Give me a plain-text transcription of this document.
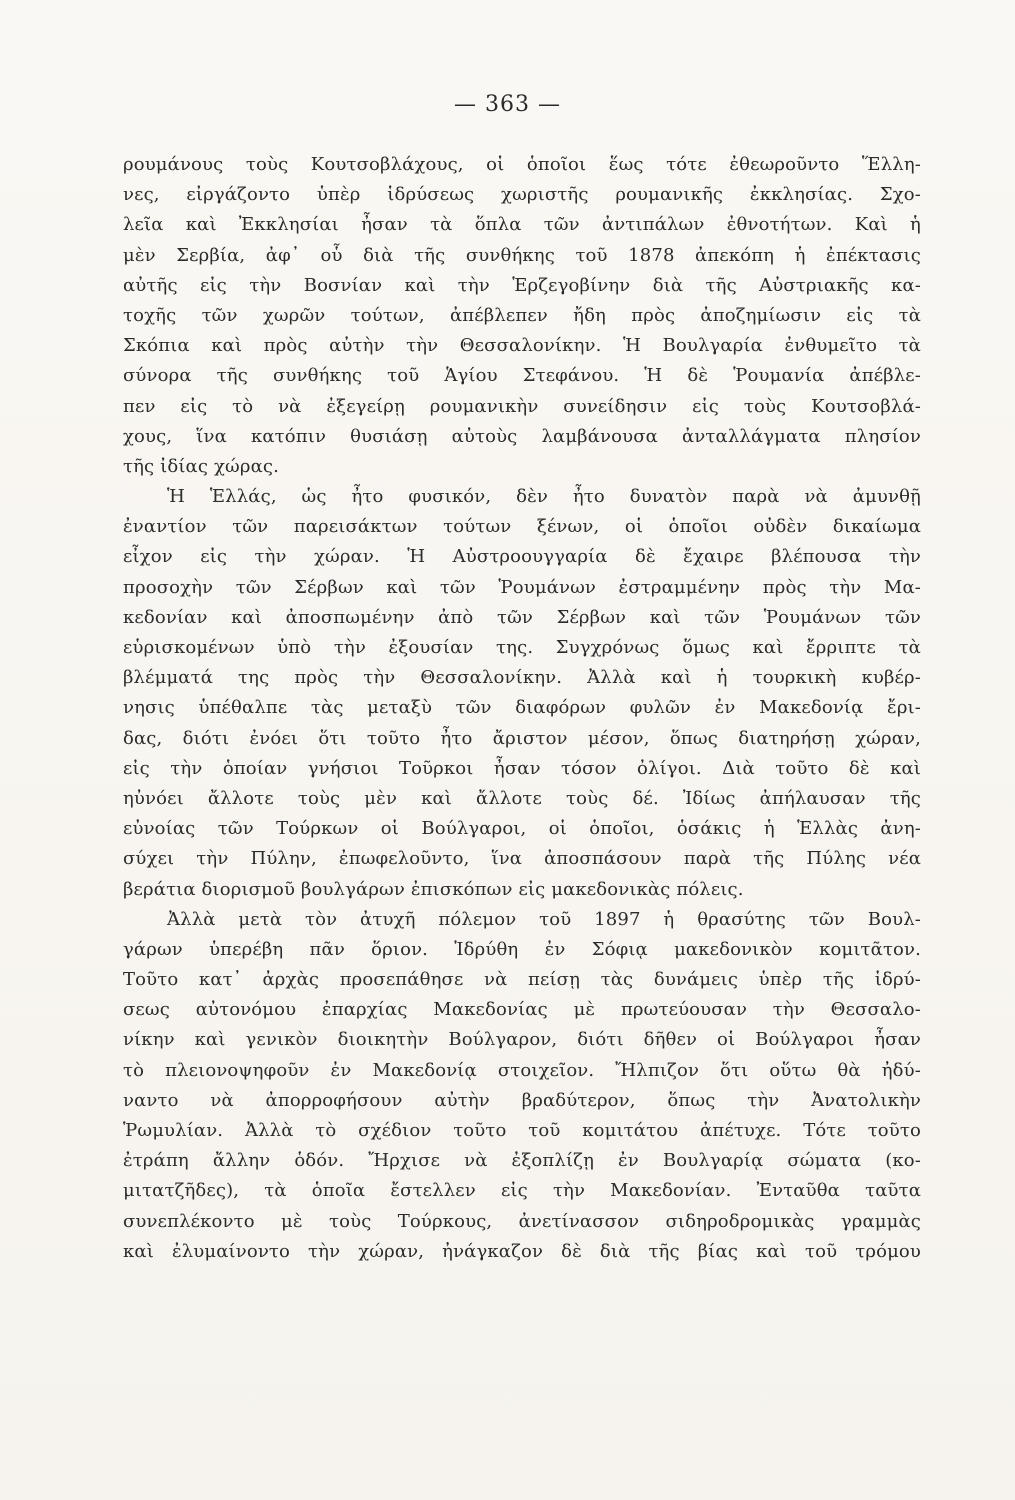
— 363 —
ρουμάνους τοὺς Κουτσοβλάχους, οἱ ὁποῖοι ἕως τότε ἐθεωροῦντο Ἕλλη-
νες, εἰργάζοντο ὑπὲρ ἱδρύσεως χωριστῆς ρουμανικῆς ἐκκλησίας. Σχο-
λεῖα καὶ Ἐκκλησίαι ἦσαν τὰ ὅπλα τῶν ἀντιπάλων ἐθνοτήτων. Καὶ ἡ
μὲν Σερβία, ἀφ᾽ οὗ διὰ τῆς συνθήκης τοῦ 1878 ἀπεκόπη ἡ ἐπέκτασις
αὐτῆς εἰς τὴν Βοσνίαν καὶ τὴν Ἑρζεγοβίνην διὰ τῆς Αὐστριακῆς κα-
τοχῆς τῶν χωρῶν τούτων, ἀπέβλεπεν ἤδη πρὸς ἀποζημίωσιν εἰς τὰ
Σκόπια καὶ πρὸς αὐτὴν τὴν Θεσσαλονίκην. Ἡ Βουλγαρία ἐνθυμεῖτο τὰ
σύνορα τῆς συνθήκης τοῦ Ἁγίου Στεφάνου. Ἡ δὲ Ῥουμανία ἀπέβλε-
πεν εἰς τὸ νὰ ἐξεγείρῃ ρουμανικὴν συνείδησιν εἰς τοὺς Κουτσοβλά-
χους, ἵνα κατόπιν θυσιάσῃ αὐτοὺς λαμβάνουσα ἀνταλλάγματα πλησίον
τῆς ἰδίας χώρας.
Ἡ Ἑλλάς, ὡς ἦτο φυσικόν, δὲν ἦτο δυνατὸν παρὰ νὰ ἀμυνθῇ
ἐναντίον τῶν παρεισάκτων τούτων ξένων, οἱ ὁποῖοι οὐδὲν δικαίωμα
εἶχον εἰς τὴν χώραν. Ἡ Αὐστροουγγαρία δὲ ἔχαιρε βλέπουσα τὴν
προσοχὴν τῶν Σέρβων καὶ τῶν Ῥουμάνων ἐστραμμένην πρὸς τὴν Μα-
κεδονίαν καὶ ἀποσπωμένην ἀπὸ τῶν Σέρβων καὶ τῶν Ῥουμάνων τῶν
εὑρισκομένων ὑπὸ τὴν ἐξουσίαν της. Συγχρόνως ὅμως καὶ ἔρριπτε τὰ
βλέμματά της πρὸς τὴν Θεσσαλονίκην. Ἀλλὰ καὶ ἡ τουρκικὴ κυβέρ-
νησις ὑπέθαλπε τὰς μεταξὺ τῶν διαφόρων φυλῶν ἐν Μακεδονίᾳ ἔρι-
δας, διότι ἐνόει ὅτι τοῦτο ἦτο ἄριστον μέσον, ὅπως διατηρήσῃ χώραν,
εἰς τὴν ὁποίαν γνήσιοι Τοῦρκοι ἦσαν τόσον ὀλίγοι. Διὰ τοῦτο δὲ καὶ
ηὐνόει ἄλλοτε τοὺς μὲν καὶ ἄλλοτε τοὺς δέ. Ἰδίως ἀπήλαυσαν τῆς
εὐνοίας τῶν Τούρκων οἱ Βούλγαροι, οἱ ὁποῖοι, ὁσάκις ἡ Ἑλλὰς ἀνη-
σύχει τὴν Πύλην, ἐπωφελοῦντο, ἵνα ἀποσπάσουν παρὰ τῆς Πύλης νέα
βεράτια διορισμοῦ βουλγάρων ἐπισκόπων εἰς μακεδονικὰς πόλεις.
Ἀλλὰ μετὰ τὸν ἀτυχῆ πόλεμον τοῦ 1897 ἡ θρασύτης τῶν Βουλ-
γάρων ὑπερέβη πᾶν ὅριον. Ἱδρύθη ἐν Σόφιᾳ μακεδονικὸν κομιτᾶτον.
Τοῦτο κατ᾽ ἀρχὰς προσεπάθησε νὰ πείσῃ τὰς δυνάμεις ὑπὲρ τῆς ἱδρύ-
σεως αὐτονόμου ἐπαρχίας Μακεδονίας μὲ πρωτεύουσαν τὴν Θεσσαλο-
νίκην καὶ γενικὸν διοικητὴν Βούλγαρον, διότι δῆθεν οἱ Βούλγαροι ἦσαν
τὸ πλειονοψηφοῦν ἐν Μακεδονίᾳ στοιχεῖον. Ἤλπιζον ὅτι οὕτω θὰ ἠδύ-
ναντο νὰ ἀπορροφήσουν αὐτὴν βραδύτερον, ὅπως τὴν Ἀνατολικὴν
Ῥωμυλίαν. Ἀλλὰ τὸ σχέδιον τοῦτο τοῦ κομιτάτου ἀπέτυχε. Τότε τοῦτο
ἐτράπη ἄλλην ὁδόν. Ἤρχισε νὰ ἐξοπλίζῃ ἐν Βουλγαρίᾳ σώματα (κο-
μιτατζῆδες), τὰ ὁποῖα ἔστελλεν εἰς τὴν Μακεδονίαν. Ἐνταῦθα ταῦτα
συνεπλέκοντο μὲ τοὺς Τούρκους, ἀνετίνασσον σιδηροδρομικὰς γραμμὰς
καὶ ἐλυμαίνοντο τὴν χώραν, ἠνάγκαζον δὲ διὰ τῆς βίας καὶ τοῦ τρόμου
